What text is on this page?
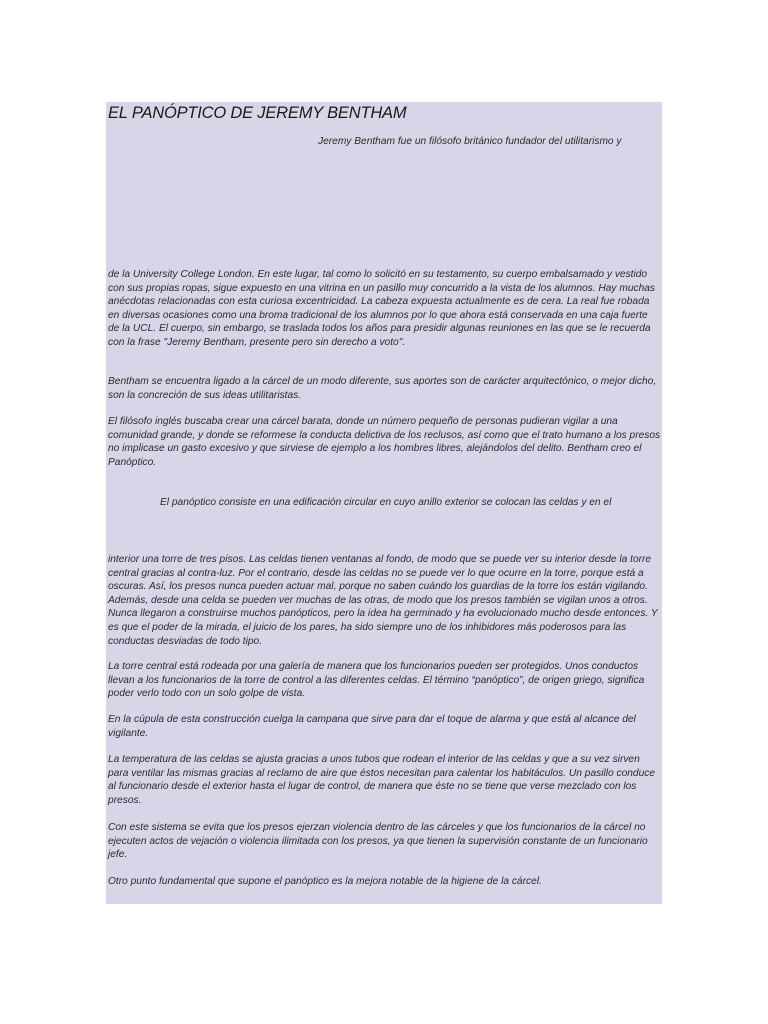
EL PANÓPTICO DE JEREMY BENTHAM

Jeremy Bentham fue un filósofo británico fundador del utilitarismo y

de la University College London. En este lugar, tal como lo solicitó en su testamento, su cuerpo embalsamado y vestido con sus propias ropas, sigue expuesto en una vitrina en un pasillo muy concurrido a la vista de los alumnos. Hay muchas anécdotas relacionadas con esta curiosa excentricidad. La cabeza expuesta actualmente es de cera. La real fue robada en diversas ocasiones como una broma tradicional de los alumnos por lo que ahora está conservada en una caja fuerte de la UCL. El cuerpo, sin embargo, se traslada todos los años para presidir algunas reuniones en las que se le recuerda con la frase "Jeremy Bentham, presente pero sin derecho a voto".

Bentham se encuentra ligado a la cárcel de un modo diferente, sus aportes son de carácter arquitectónico, o mejor dicho, son la concreción de sus ideas utilitaristas.

El filósofo inglés buscaba crear una cárcel barata, donde un número pequeño de personas pudieran vigilar a una comunidad grande, y donde se reformese la conducta delictiva de los reclusos, así como que el trato humano a los presos no implicase un gasto excesivo y que sirviese de ejemplo a los hombres libres, alejándolos del delito. Bentham creo el Panóptico.

El panóptico consiste en una edificación circular en cuyo anillo exterior se colocan las celdas y en el

interior una torre de tres pisos. Las celdas tienen ventanas al fondo, de modo que se puede ver su interior desde la torre central gracias al contra-luz. Por el contrario, desde las celdas no se puede ver lo que ocurre en la torre, porque está a oscuras. Así, los presos nunca pueden actuar mal, porque no saben cuándo los guardias de la torre los están vigilando. Además, desde una celda se pueden ver muchas de las otras, de modo que los presos también se vigilan unos a otros. Nunca llegaron a construirse muchos panópticos, pero la idea ha germinado y ha evolucionado mucho desde entonces. Y es que el poder de la mirada, el juicio de los pares, ha sido siempre uno de los inhibidores más poderosos para las conductas desviadas de todo tipo.

La torre central está rodeada por una galería de manera que los funcionarios pueden ser protegidos. Unos conductos llevan a los funcionarios de la torre de control a las diferentes celdas. El término “panóptico”, de origen griego, significa poder verlo todo con un solo golpe de vista.

En la cúpula de esta construcción cuelga la campana que sirve para dar el toque de alarma y que está al alcance del vigilante.

La temperatura de las celdas se ajusta gracias a unos tubos que rodean el interior de las celdas y que a su vez sirven para ventilar las mismas gracias al reclamo de aire que éstos necesitan para calentar los habitáculos. Un pasillo conduce al funcionario desde el exterior hasta el lugar de control, de manera que éste no se tiene que verse mezclado con los presos.

Con este sistema se evita que los presos ejerzan violencia dentro de las cárceles y que los funcionarios de la cárcel no ejecuten actos de vejación o violencia ilimitada con los presos, ya que tienen la supervisión constante de un funcionario jefe.

Otro punto fundamental que supone el panóptico es la mejora notable de la higiene de la cárcel.
